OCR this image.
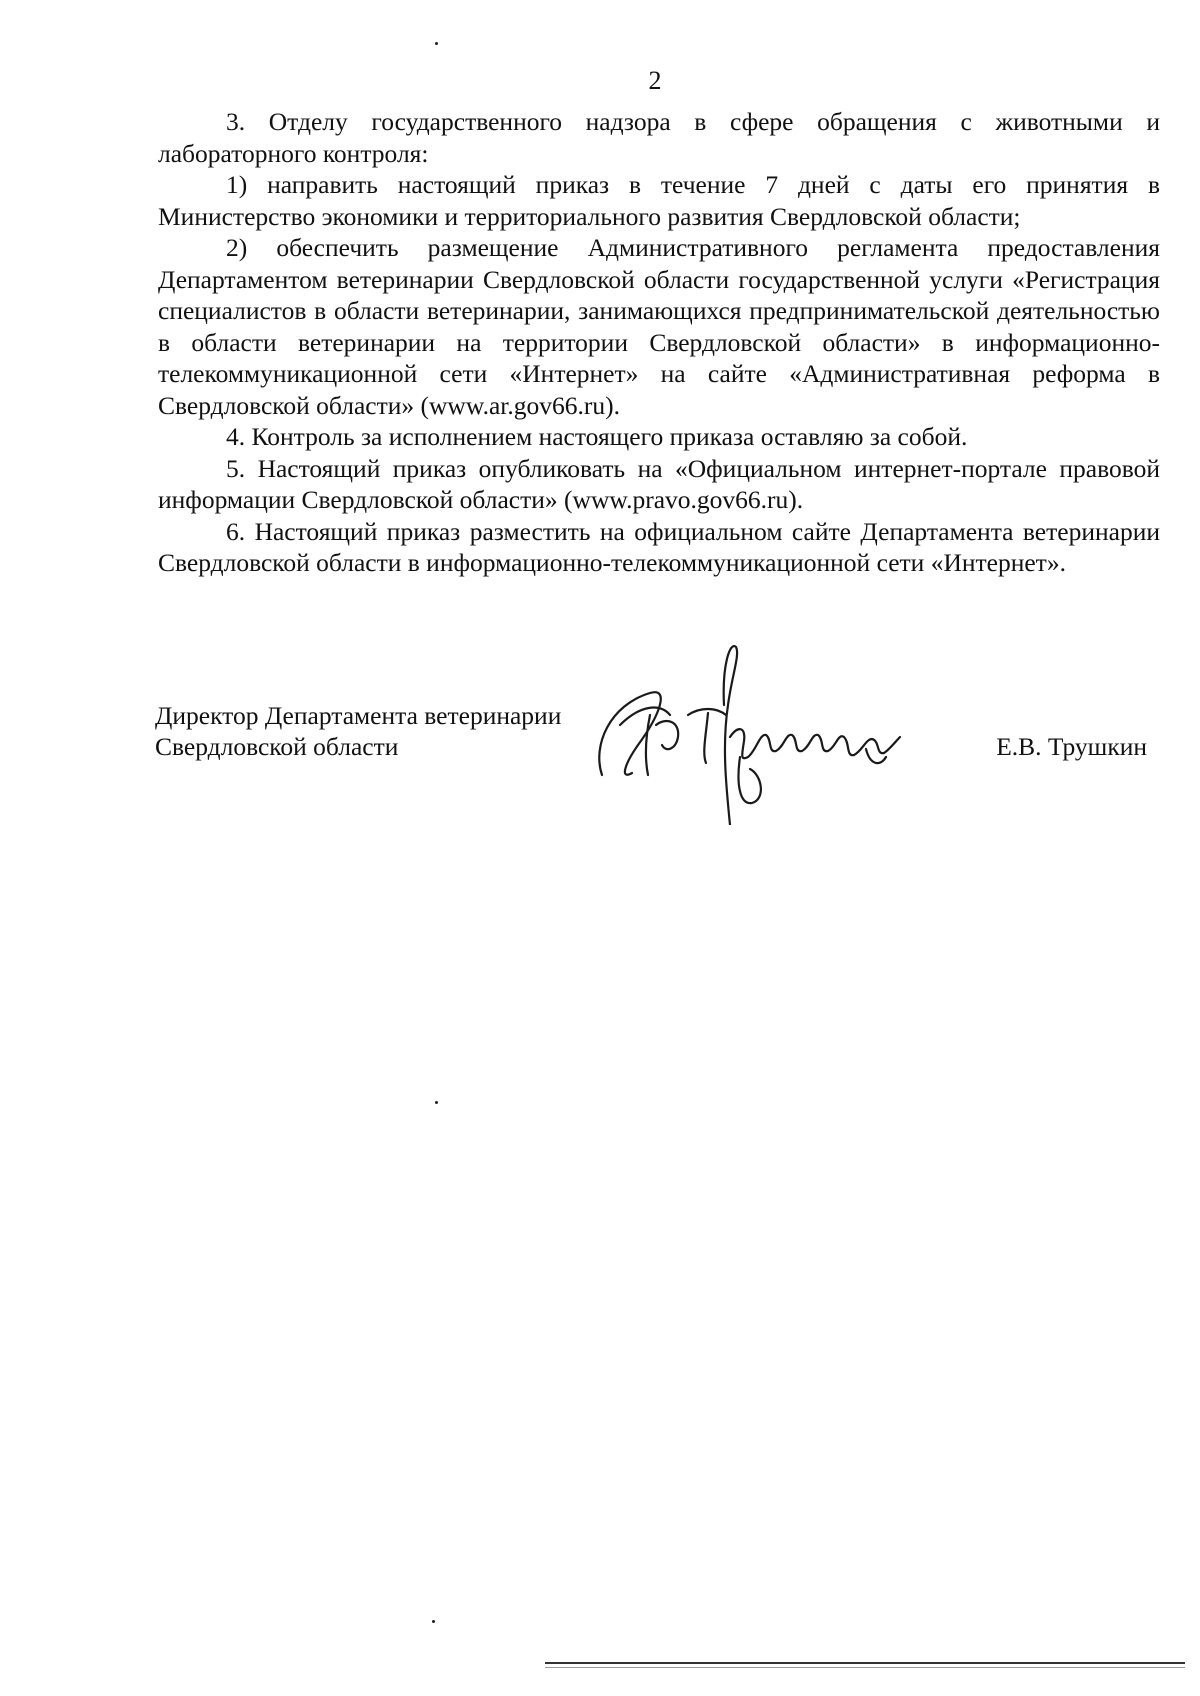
2

3. Отделу государственного надзора в сфере обращения с животными и лабораторного контроля:

1) направить настоящий приказ в течение 7 дней с даты его принятия в Министерство экономики и территориального развития Свердловской области;

2) обеспечить размещение Административного регламента предоставления Департаментом ветеринарии Свердловской области государственной услуги «Регистрация специалистов в области ветеринарии, занимающихся предпринимательской деятельностью в области ветеринарии на территории Свердловской области» в информационно-телекоммуникационной сети «Интернет» на сайте «Административная реформа в Свердловской области» (www.ar.gov66.ru).

4. Контроль за исполнением настоящего приказа оставляю за собой.

5. Настоящий приказ опубликовать на «Официальном интернет-портале правовой информации Свердловской области» (www.pravo.gov66.ru).

6. Настоящий приказ разместить на официальном сайте Департамента ветеринарии Свердловской области в информационно-телекоммуникационной сети «Интернет».

Директор Департамента ветеринарии
Свердловской области	Е.В. Трушкин
